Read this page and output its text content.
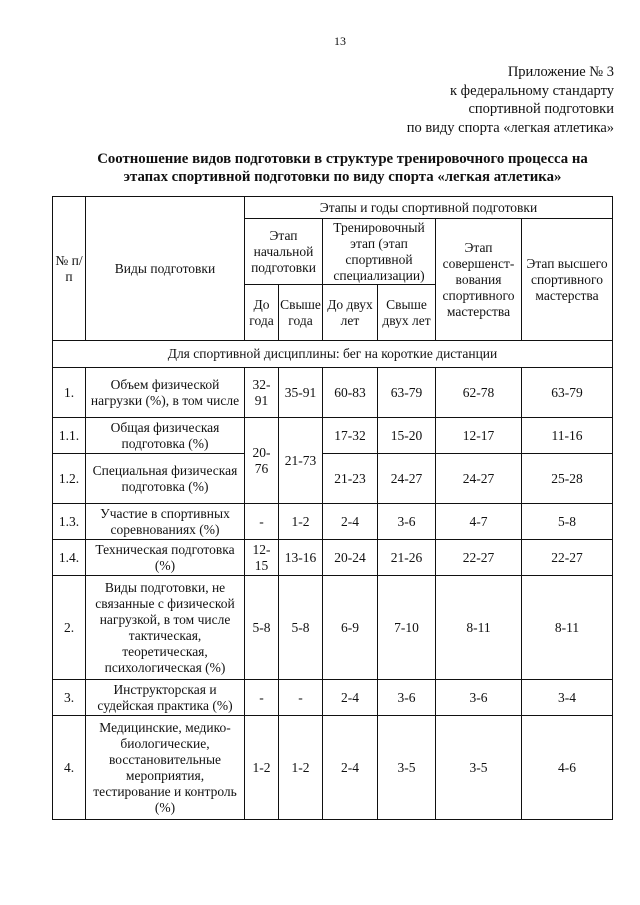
13
Приложение № 3
к федеральному стандарту
спортивной подготовки
по виду спорта «легкая атлетика»
Соотношение видов подготовки в структуре тренировочного процесса на
этапах спортивной подготовки по виду спорта «легкая атлетика»
№ п/п	Виды подготовки	Этапы и годы спортивной подготовки					
		Этап начальной подготовки		Тренировочный этап (этап спортивной специализации)		Этап совершенст-вования спортивного мастерства	Этап высшего спортивного мастерства
		До года	Свыше года	До двух лет	Свыше двух лет		
Для спортивной дисциплины: бег на короткие дистанции							
1.	Объем физической нагрузки (%), в том числе	32-91	35-91	60-83	63-79	62-78	63-79
1.1.	Общая физическая подготовка (%)	20-76	21-73	17-32	15-20	12-17	11-16
1.2.	Специальная физическая подготовка (%)			21-23	24-27	24-27	25-28
1.3.	Участие в спортивных соревнованиях (%)	-	1-2	2-4	3-6	4-7	5-8
1.4.	Техническая подготовка (%)	12-15	13-16	20-24	21-26	22-27	22-27
2.	Виды подготовки, не связанные с физической нагрузкой, в том числе тактическая, теоретическая, психологическая (%)	5-8	5-8	6-9	7-10	8-11	8-11
3.	Инструкторская и судейская практика (%)	-	-	2-4	3-6	3-6	3-4
4.	Медицинские, медико-биологические, восстановительные мероприятия, тестирование и контроль (%)	1-2	1-2	2-4	3-5	3-5	4-6
